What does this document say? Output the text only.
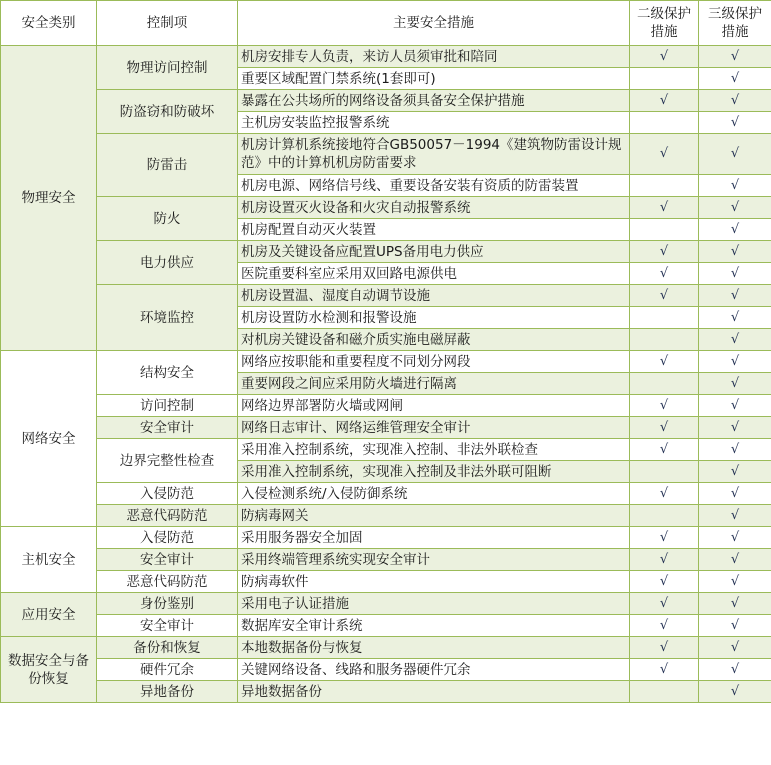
安全类别	控制项	主要安全措施	二级保护措施	三级保护措施
物理安全	物理访问控制	机房安排专人负责，来访人员须审批和陪同	√	√
		重要区域配置门禁系统(1套即可)		√
	防盗窃和防破坏	暴露在公共场所的网络设备须具备安全保护措施	√	√
		主机房安装监控报警系统		√
	防雷击	机房计算机系统接地符合GB50057－1994《建筑物防雷设计规范》中的计算机机房防雷要求	√	√
		机房电源、网络信号线、重要设备安装有资质的防雷装置		√
	防火	机房设置灭火设备和火灾自动报警系统	√	√
		机房配置自动灭火装置		√
	电力供应	机房及关键设备应配置UPS备用电力供应	√	√
		医院重要科室应采用双回路电源供电	√	√
	环境监控	机房设置温、湿度自动调节设施	√	√
		机房设置防水检测和报警设施		√
		对机房关键设备和磁介质实施电磁屏蔽		√
网络安全	结构安全	网络应按职能和重要程度不同划分网段	√	√
		重要网段之间应采用防火墙进行隔离		√
	访问控制	网络边界部署防火墙或网闸	√	√
	安全审计	网络日志审计、网络运维管理安全审计	√	√
	边界完整性检查	采用准入控制系统，实现准入控制、非法外联检查	√	√
		采用准入控制系统，实现准入控制及非法外联可阻断		√
	入侵防范	入侵检测系统/入侵防御系统	√	√
	恶意代码防范	防病毒网关		√
主机安全	入侵防范	采用服务器安全加固	√	√
	安全审计	采用终端管理系统实现安全审计	√	√
	恶意代码防范	防病毒软件	√	√
应用安全	身份鉴别	采用电子认证措施	√	√
	安全审计	数据库安全审计系统	√	√
数据安全与备份恢复	备份和恢复	本地数据备份与恢复	√	√
	硬件冗余	关键网络设备、线路和服务器硬件冗余	√	√
	异地备份	异地数据备份		√
